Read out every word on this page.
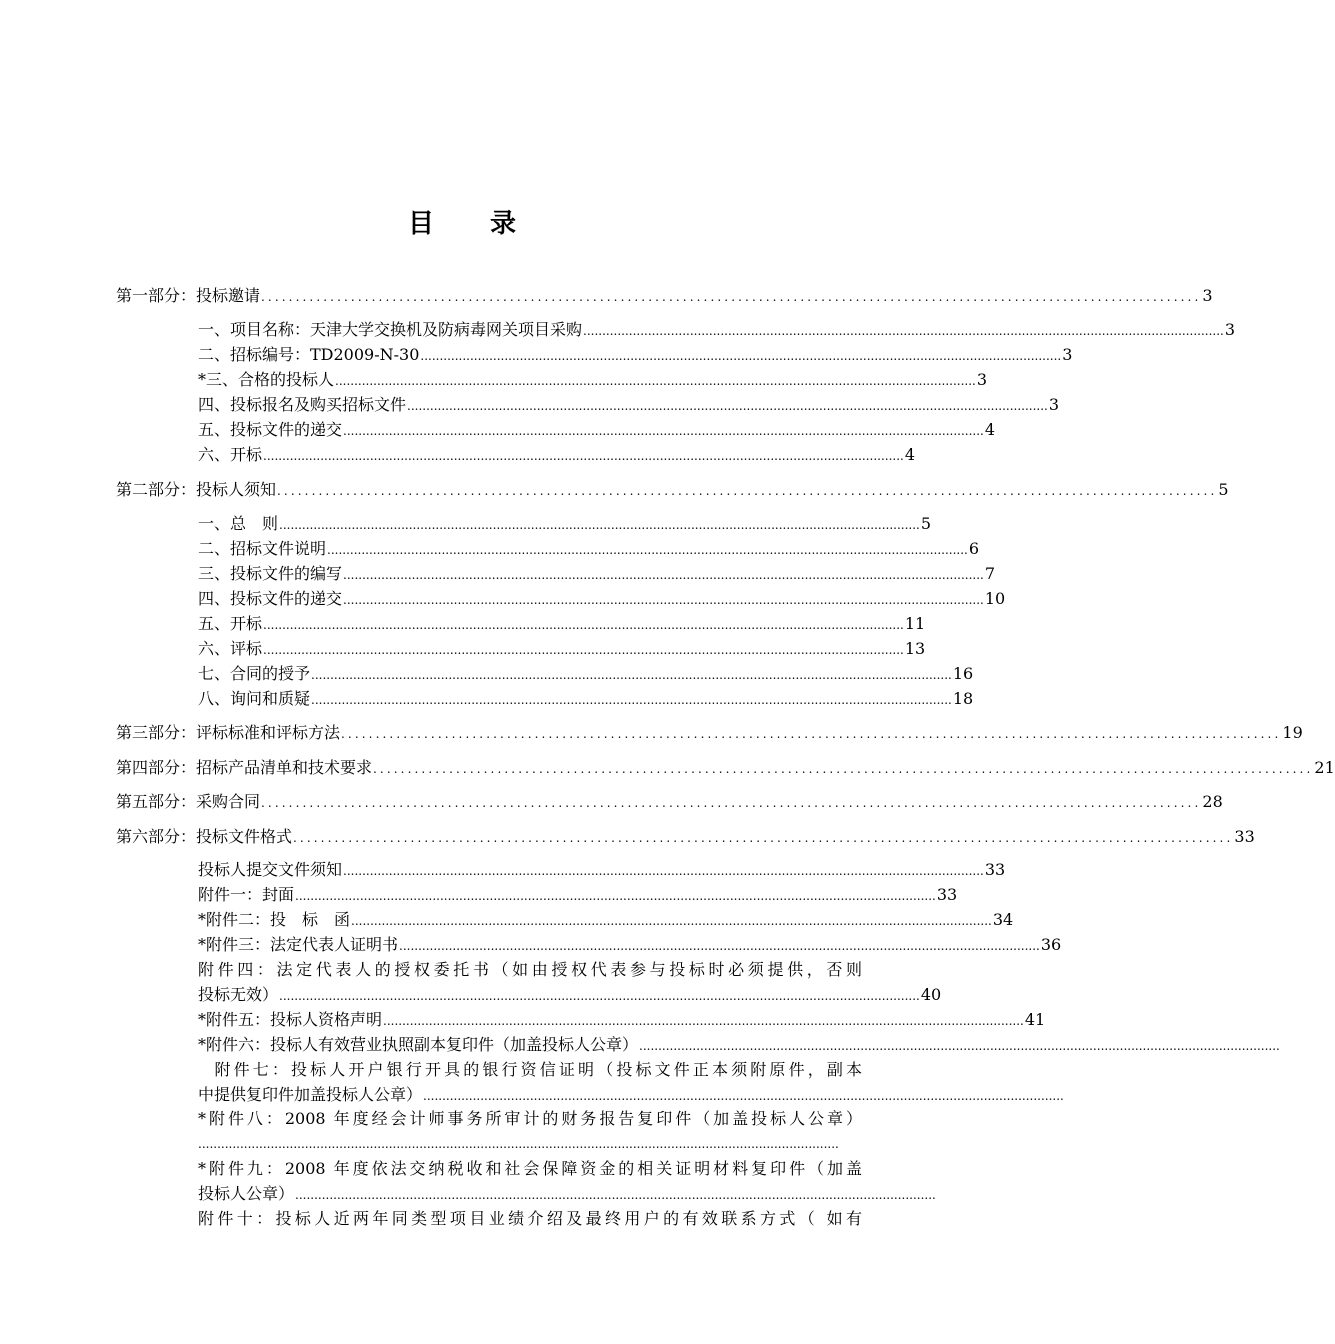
目录
第一部分：投标邀请 ........................................................................................................................................ 3
一、项目名称：天津大学交换机及防病毒网关项目采购 ........................................................................................................................................................................ 3
二、招标编号：TD2009-N-30 ........................................................................................................................................................................ 3
*三、合格的投标人 ........................................................................................................................................................................ 3
四、投标报名及购买招标文件 ........................................................................................................................................................................ 3
五、投标文件的递交 ........................................................................................................................................................................ 4
六、开标 ........................................................................................................................................................................ 4
第二部分：投标人须知 ........................................................................................................................................ 5
一、总　则 ........................................................................................................................................................................ 5
二、招标文件说明 ........................................................................................................................................................................ 6
三、投标文件的编写 ........................................................................................................................................................................ 7
四、投标文件的递交 ........................................................................................................................................................................ 10
五、开标 ........................................................................................................................................................................ 11
六、评标 ........................................................................................................................................................................ 13
七、合同的授予 ........................................................................................................................................................................ 16
八、询问和质疑 ........................................................................................................................................................................ 18
第三部分：评标标准和评标方法 ........................................................................................................................................ 19
第四部分：招标产品清单和技术要求 ........................................................................................................................................ 21
第五部分：采购合同 ........................................................................................................................................ 28
第六部分：投标文件格式 ........................................................................................................................................ 33
投标人提交文件须知 ........................................................................................................................................................................ 33
附件一：封面 ........................................................................................................................................................................ 33
*附件二：投　标　函 ........................................................................................................................................................................ 34
*附件三：法定代表人证明书 ........................................................................................................................................................................ 36
附件四：法定代表人的授权委托书（如由授权代表参与投标时必须提供，否则
投标无效） ........................................................................................................................................................................ 40
*附件五：投标人资格声明 ........................................................................................................................................................................ 41
*附件六：投标人有效营业执照副本复印件（加盖投标人公章） ........................................................................................................................................................................
附件七：投标人开户银行开具的银行资信证明（投标文件正本须附原件，副本
中提供复印件加盖投标人公章） ........................................................................................................................................................................
*附件八：2008 年度经会计师事务所审计的财务报告复印件（加盖投标人公章）
........................................................................................................................................................................
*附件九：2008 年度依法交纳税收和社会保障资金的相关证明材料复印件（加盖
投标人公章） ........................................................................................................................................................................
附件十：投标人近两年同类型项目业绩介绍及最终用户的有效联系方式（ 如有
